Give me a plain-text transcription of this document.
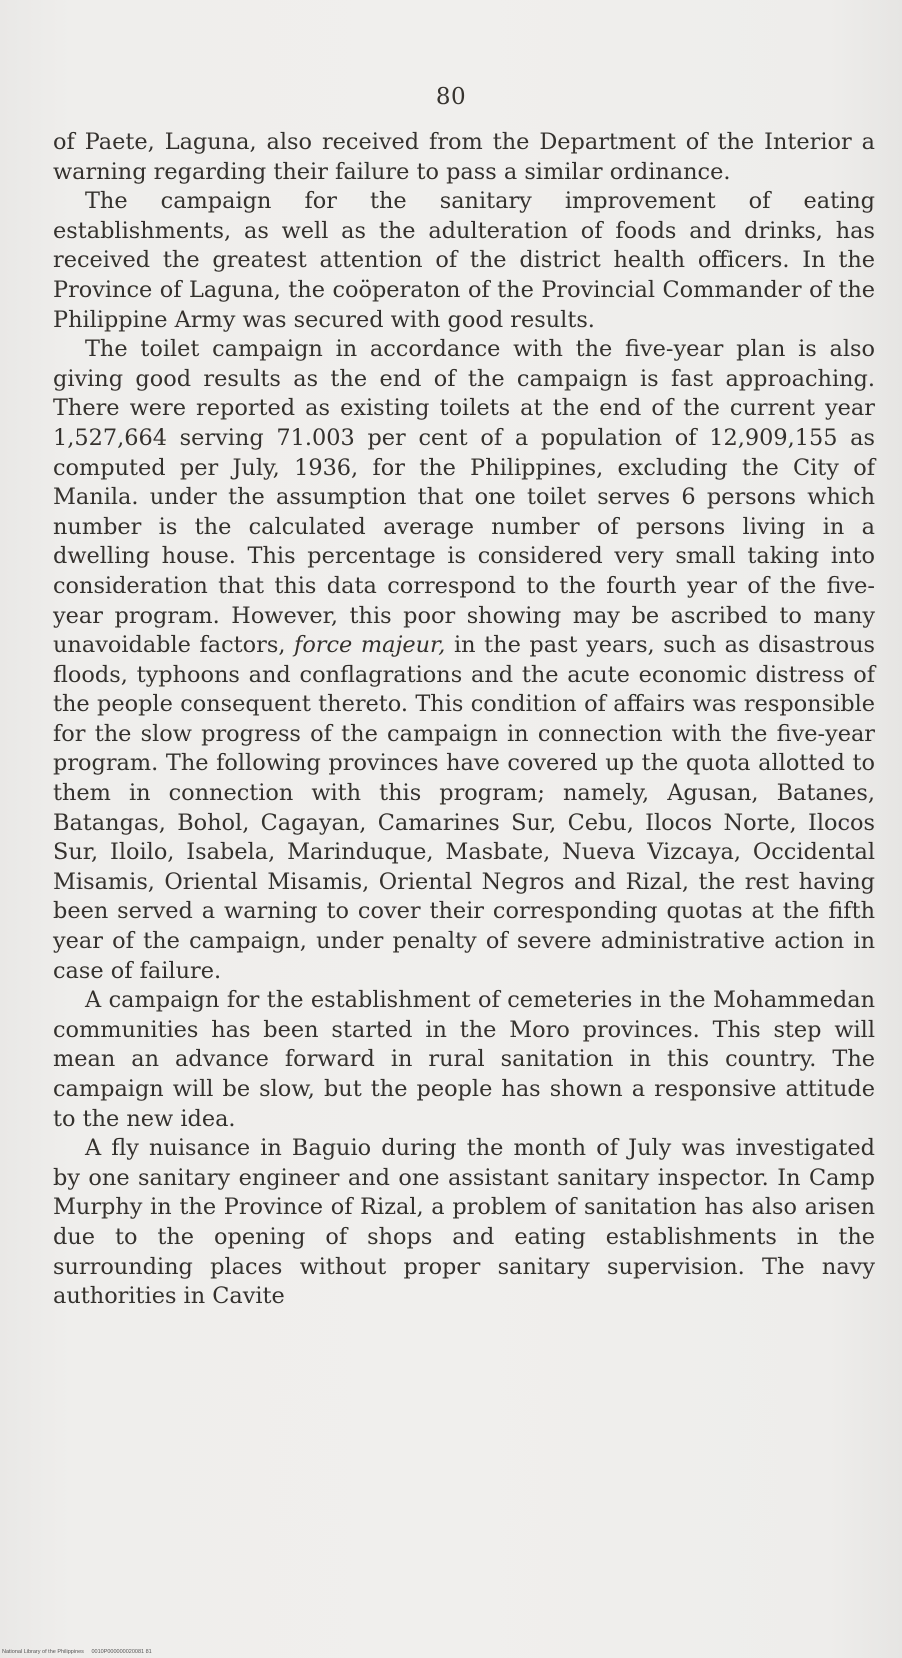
80

of Paete, Laguna, also received from the Department of the Interior a warning regarding their failure to pass a similar ordinance.

The campaign for the sanitary improvement of eating establishments, as well as the adulteration of foods and drinks, has received the greatest attention of the district health officers. In the Province of Laguna, the coöperaton of the Provincial Commander of the Philippine Army was secured with good results.

The toilet campaign in accordance with the five-year plan is also giving good results as the end of the campaign is fast approaching. There were reported as existing toilets at the end of the current year 1,527,664 serving 71.003 per cent of a population of 12,909,155 as computed per July, 1936, for the Philippines, excluding the City of Manila. under the assumption that one toilet serves 6 persons which number is the calculated average number of persons living in a dwelling house. This percentage is considered very small taking into consideration that this data correspond to the fourth year of the five-year program. However, this poor showing may be ascribed to many unavoidable factors, force majeur, in the past years, such as disastrous floods, typhoons and conflagrations and the acute economic distress of the people consequent thereto. This condition of affairs was responsible for the slow progress of the campaign in connection with the five-year program. The following provinces have covered up the quota allotted to them in connection with this program; namely, Agusan, Batanes, Batangas, Bohol, Cagayan, Camarines Sur, Cebu, Ilocos Norte, Ilocos Sur, Iloilo, Isabela, Marinduque, Masbate, Nueva Vizcaya, Occidental Misamis, Oriental Misamis, Oriental Negros and Rizal, the rest having been served a warning to cover their corresponding quotas at the fifth year of the campaign, under penalty of severe administrative action in case of failure.

A campaign for the establishment of cemeteries in the Mohammedan communities has been started in the Moro provinces. This step will mean an advance forward in rural sanitation in this country. The campaign will be slow, but the people has shown a responsive attitude to the new idea.

A fly nuisance in Baguio during the month of July was investigated by one sanitary engineer and one assistant sanitary inspector. In Camp Murphy in the Province of Rizal, a problem of sanitation has also arisen due to the opening of shops and eating establishments in the surrounding places without proper sanitary supervision. The navy authorities in Cavite

National Library of the Philippines 0010P000000020081 81
